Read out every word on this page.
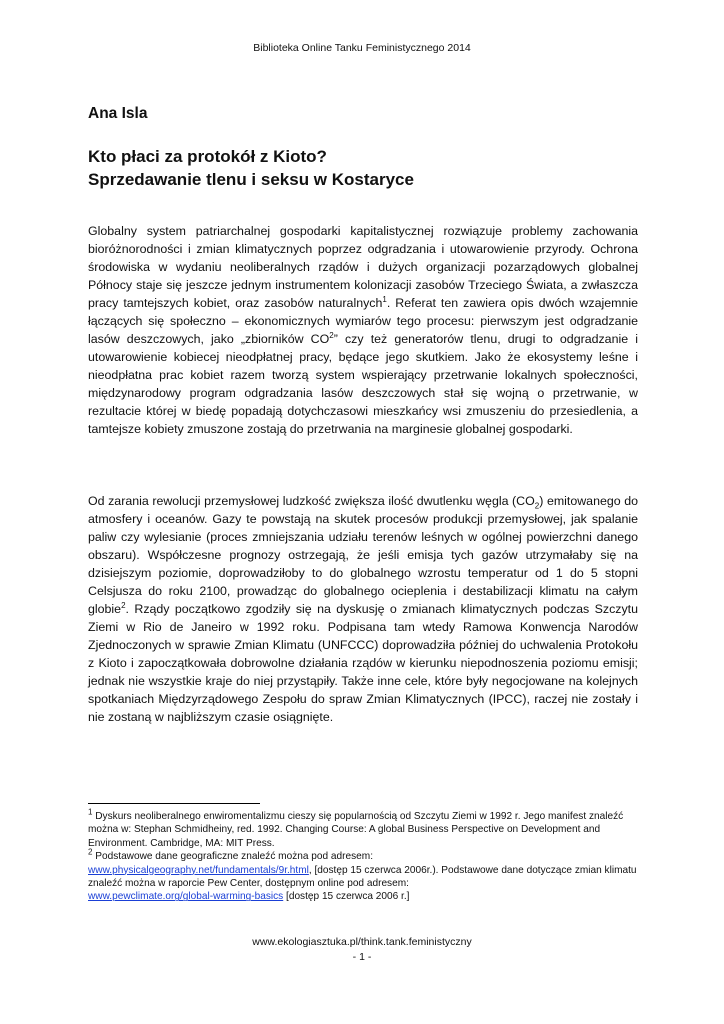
Biblioteka Online Tanku Feministycznego 2014
Ana Isla
Kto płaci za protokół z Kioto?
Sprzedawanie tlenu i seksu w Kostaryce

Globalny system patriarchalnej gospodarki kapitalistycznej rozwiązuje problemy zachowania bioróżnorodności i zmian klimatycznych poprzez odgradzania i utowarowienie przyrody. Ochrona środowiska w wydaniu neoliberalnych rządów i dużych organizacji pozarządowych globalnej Północy staje się jeszcze jednym instrumentem kolonizacji zasobów Trzeciego Świata, a zwłaszcza pracy tamtejszych kobiet, oraz zasobów naturalnych$^1$. Referat ten zawiera opis dwóch wzajemnie łączących się społeczno – ekonomicznych wymiarów tego procesu: pierwszym jest odgradzanie lasów deszczowych, jako „zbiorników $CO^2$” czy też generatorów tlenu, drugi to odgradzanie i utowarowienie kobiecej nieodpłatnej pracy, będące jego skutkiem. Jako że ekosystemy leśne i nieodpłatna prac kobiet razem tworzą system wspierający przetrwanie lokalnych społeczności, międzynarodowy program odgradzania lasów deszczowych stał się wojną o przetrwanie, w rezultacie której w biedę popadają dotychczasowi mieszkańcy wsi zmuszeniu do przesiedlenia, a tamtejsze kobiety zmuszone zostają do przetrwania na marginesie globalnej gospodarki.

Od zarania rewolucji przemysłowej ludzkość zwiększa ilość dwutlenku węgla $(CO_2)$ emitowanego do atmosfery i oceanów. Gazy te powstają na skutek procesów produkcji przemysłowej, jak spalanie paliw czy wylesianie (proces zmniejszania udziału terenów leśnych w ogólnej powierzchni danego obszaru). Współczesne prognozy ostrzegają, że jeśli emisja tych gazów utrzymałaby się na dzisiejszym poziomie, doprowadziłoby to do globalnego wzrostu temperatur od 1 do 5 stopni Celsjusza do roku 2100, prowadząc do globalnego ocieplenia i destabilizacji klimatu na całym globie$^2$. Rządy początkowo zgodziły się na dyskusję o zmianach klimatycznych podczas Szczytu Ziemi w Rio de Janeiro w 1992 roku. Podpisana tam wtedy Ramowa Konwencja Narodów Zjednoczonych w sprawie Zmian Klimatu (UNFCCC) doprowadziła później do uchwalenia Protokołu z Kioto i zapoczątkowała dobrowolne działania rządów w kierunku niepodnoszenia poziomu emisji; jednak nie wszystkie kraje do niej przystąpiły. Także inne cele, które były negocjowane na kolejnych spotkaniach Międzyrządowego Zespołu do spraw Zmian Klimatycznych (IPCC), raczej nie zostały i nie zostaną w najbliższym czasie osiągnięte.

$^1$ Dyskurs neoliberalnego enwiromentalizmu cieszy się popularnością od Szczytu Ziemi w 1992 r. Jego manifest znaleźć można w: Stephan Schmidheiny, red. 1992. Changing Course: A global Business Perspective on Development and Environment. Cambridge, MA: MIT Press.

$^2$ Podstawowe dane geograficzne znaleźć można pod adresem:
www.physicalgeography.net/fundamentals/9r.html, [dostęp 15 czerwca 2006r.). Podstawowe dane dotyczące zmian klimatu znaleźć można w raporcie Pew Center, dostępnym online pod adresem:
www.pewclimate.org/global-warming-basics [dostęp 15 czerwca 2006 r.]

www.ekologiasztuka.pl/think.tank.feministyczny
- 1 -
